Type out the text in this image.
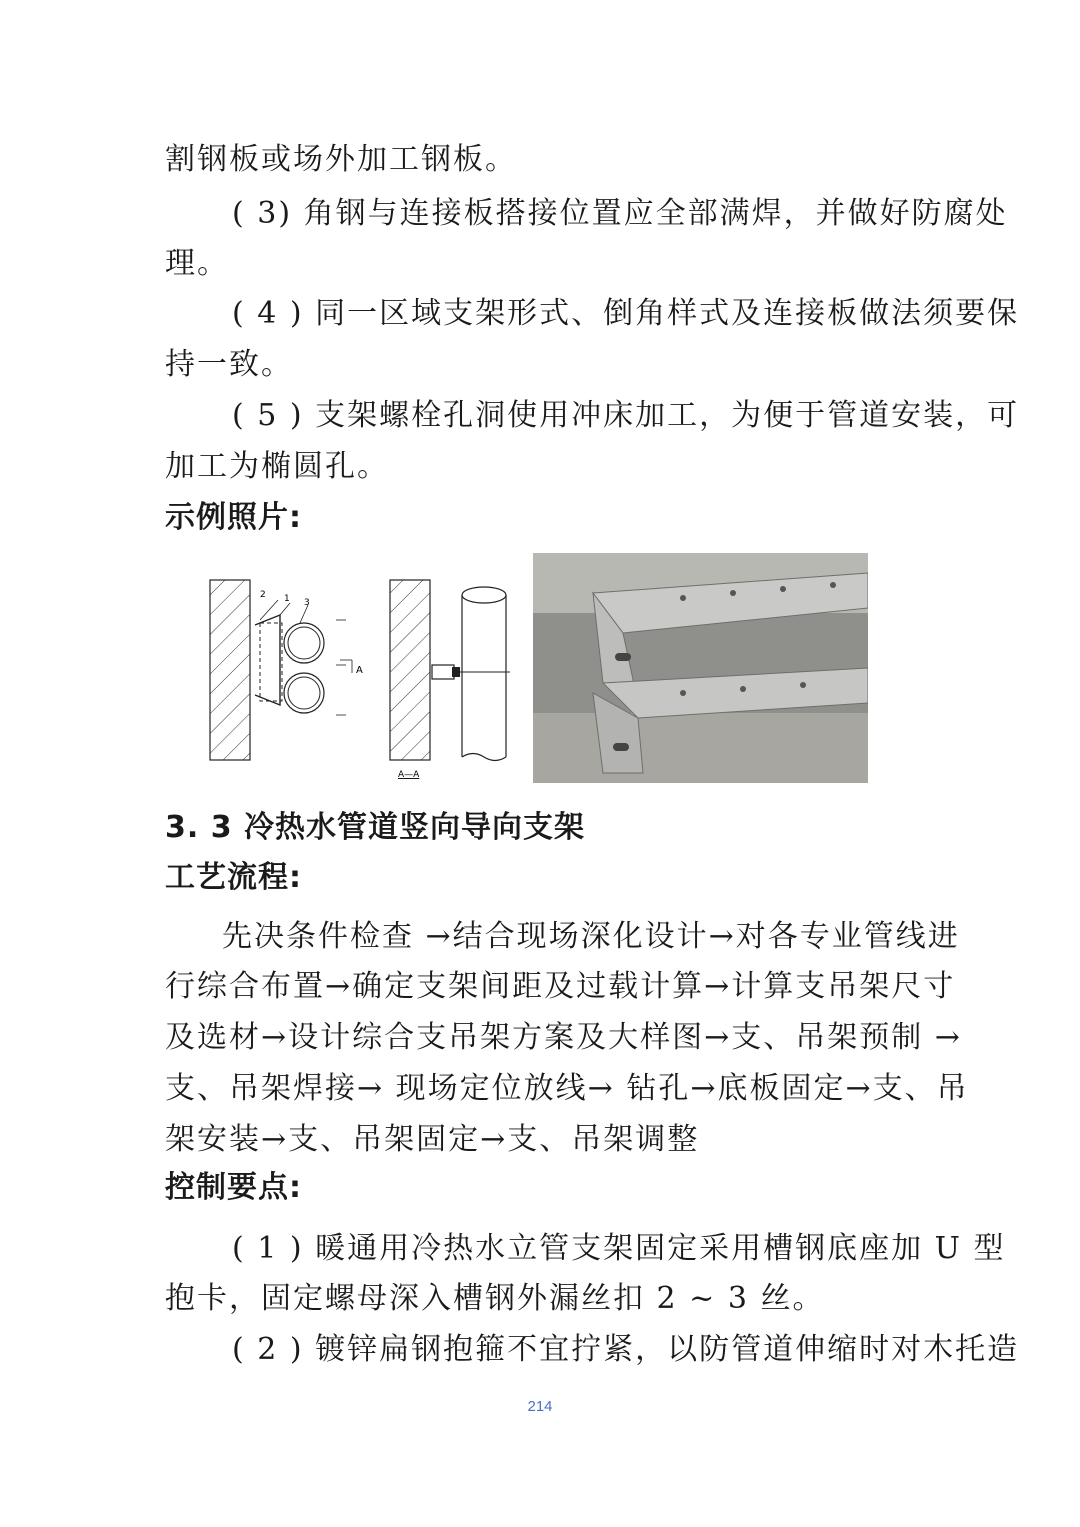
割钢板或场外加工钢板。
( 3) 角钢与连接板搭接位置应全部满焊，并做好防腐处
理。
( 4 ) 同一区域支架形式、倒角样式及连接板做法须要保
持一致。
( 5 ) 支架螺栓孔洞使用冲床加工，为便于管道安装，可
加工为椭圆孔。
示例照片:
2 1 3
A
A—A
3. 3 冷热水管道竖向导向支架
工艺流程:
先决条件检查 →结合现场深化设计→对各专业管线进
行综合布置→确定支架间距及过载计算→计算支吊架尺寸
及选材→设计综合支吊架方案及大样图→支、吊架预制 →
支、吊架焊接→ 现场定位放线→ 钻孔→底板固定→支、吊
架安装→支、吊架固定→支、吊架调整
控制要点:
( 1 ) 暖通用冷热水立管支架固定采用槽钢底座加 U 型
抱卡，固定螺母深入槽钢外漏丝扣 2 ~ 3 丝。
( 2 ) 镀锌扁钢抱箍不宜拧紧，以防管道伸缩时对木托造
214
